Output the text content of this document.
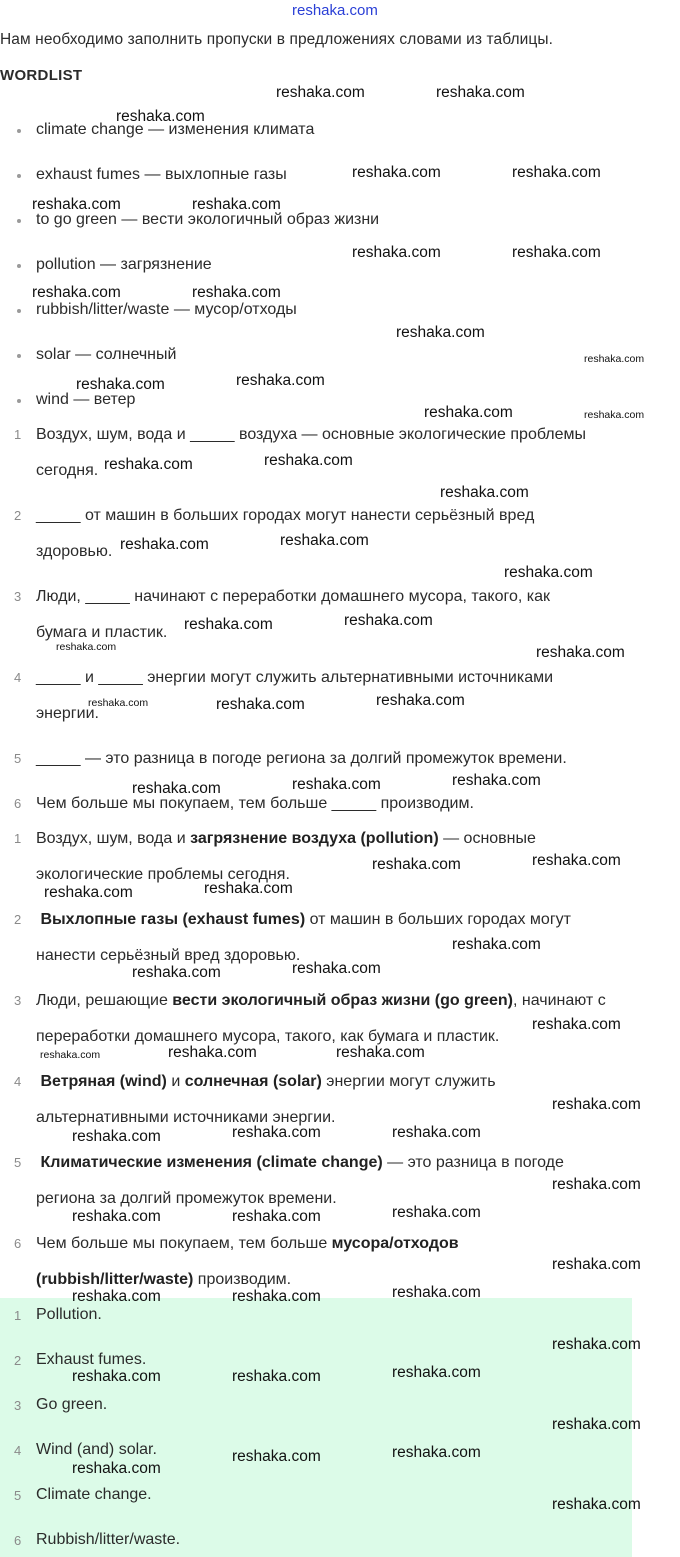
reshaka.com
Нам необходимо заполнить пропуски в предложениях словами из таблицы.
WORDLIST
climate change — изменения климата
exhaust fumes — выхлопные газы
to go green — вести экологичный образ жизни
pollution — загрязнение
rubbish/litter/waste — мусор/отходы
solar — солнечный
wind — ветер
1 Воздух, шум, вода и _____ воздуха — основные экологические проблемы
сегодня.
2 _____ от машин в больших городах могут нанести серьёзный вред
здоровью.
3 Люди, _____ начинают с переработки домашнего мусора, такого, как
бумага и пластик.
4 _____ и _____ энергии могут служить альтернативными источниками
энергии.
5 _____ — это разница в погоде региона за долгий промежуток времени.
6 Чем больше мы покупаем, тем больше _____ производим.
1 Воздух, шум, вода и загрязнение воздуха (pollution) — основные
экологические проблемы сегодня.
2 Выхлопные газы (exhaust fumes) от машин в больших городах могут
нанести серьёзный вред здоровью.
3 Люди, решающие вести экологичный образ жизни (go green), начинают с
переработки домашнего мусора, такого, как бумага и пластик.
4 Ветряная (wind) и солнечная (solar) энергии могут служить
альтернативными источниками энергии.
5 Климатические изменения (climate change) — это разница в погоде
региона за долгий промежуток времени.
6 Чем больше мы покупаем, тем больше мусора/отходов
(rubbish/litter/waste) производим.
1 Pollution.
2 Exhaust fumes.
3 Go green.
4 Wind (and) solar.
5 Climate change.
6 Rubbish/litter/waste.
reshaka.com	reshaka.com
reshaka.com
reshaka.com	reshaka.com
reshaka.com	reshaka.com
reshaka.com	reshaka.com
reshaka.com	reshaka.com
reshaka.com
reshaka.com
reshaka.com	reshaka.com
reshaka.com	reshaka.com
reshaka.com	reshaka.com
reshaka.com
reshaka.com	reshaka.com
reshaka.com
reshaka.com	reshaka.com
reshaka.com	reshaka.com
reshaka.com	reshaka.com	reshaka.com
reshaka.com	reshaka.com	reshaka.com
reshaka.com	reshaka.com
reshaka.com	reshaka.com
reshaka.com
reshaka.com	reshaka.com
reshaka.com
reshaka.com	reshaka.com	reshaka.com
reshaka.com
reshaka.com	reshaka.com	reshaka.com
reshaka.com
reshaka.com	reshaka.com	reshaka.com
reshaka.com
reshaka.com	reshaka.com	reshaka.com
reshaka.com
reshaka.com	reshaka.com	reshaka.com
reshaka.com
reshaka.com	reshaka.com
reshaka.com
reshaka.com
